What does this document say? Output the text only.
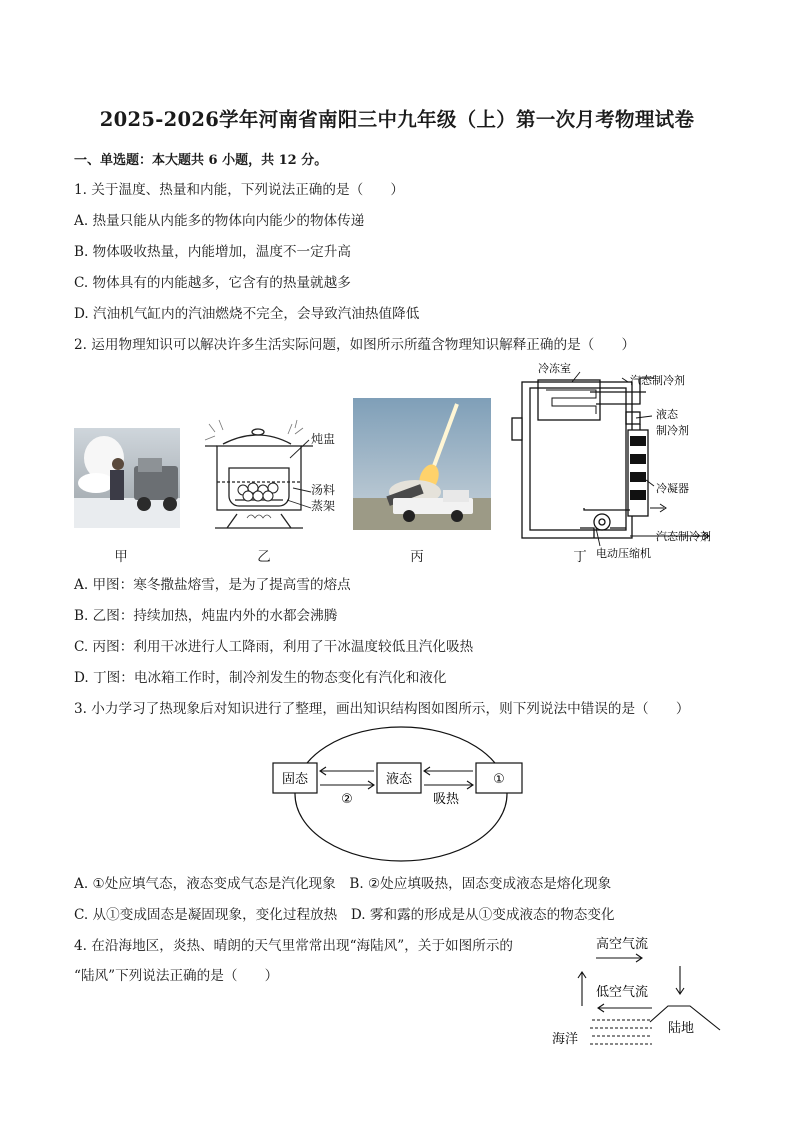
2025-2026学年河南省南阳三中九年级（上）第一次月考物理试卷
一、单选题：本大题共 6 小题，共 12 分。
1. 关于温度、热量和内能，下列说法正确的是（　　）
A. 热量只能从内能多的物体向内能少的物体传递
B. 物体吸收热量，内能增加，温度不一定升高
C. 物体具有的内能越多，它含有的热量就越多
D. 汽油机气缸内的汽油燃烧不完全，会导致汽油热值降低
2. 运用物理知识可以解决许多生活实际问题，如图所示所蕴含物理知识解释正确的是（　　）
炖盅
汤料
蒸架
冷冻室
汽态制冷剂
液态
制冷剂
冷凝器
汽态制冷剂
电动压缩机
甲	乙	丙	丁
A. 甲图：寒冬撒盐熔雪，是为了提高雪的熔点
B. 乙图：持续加热，炖盅内外的水都会沸腾
C. 丙图：利用干冰进行人工降雨，利用了干冰温度较低且汽化吸热
D. 丁图：电冰箱工作时，制冷剂发生的物态变化有汽化和液化
3. 小力学习了热现象后对知识进行了整理，画出知识结构图如图所示，则下列说法中错误的是（　　）
固态	液态	①
②	吸热
A. ①处应填气态，液态变成气态是汽化现象　B. ②处应填吸热，固态变成液态是熔化现象
C. 从①变成固态是凝固现象，变化过程放热　D. 雾和露的形成是从①变成液态的物态变化
4. 在沿海地区，炎热、晴朗的天气里常常出现“海陆风”，关于如图所示的
“陆风”下列说法正确的是（　　）
高空气流
低空气流
海洋
陆地
